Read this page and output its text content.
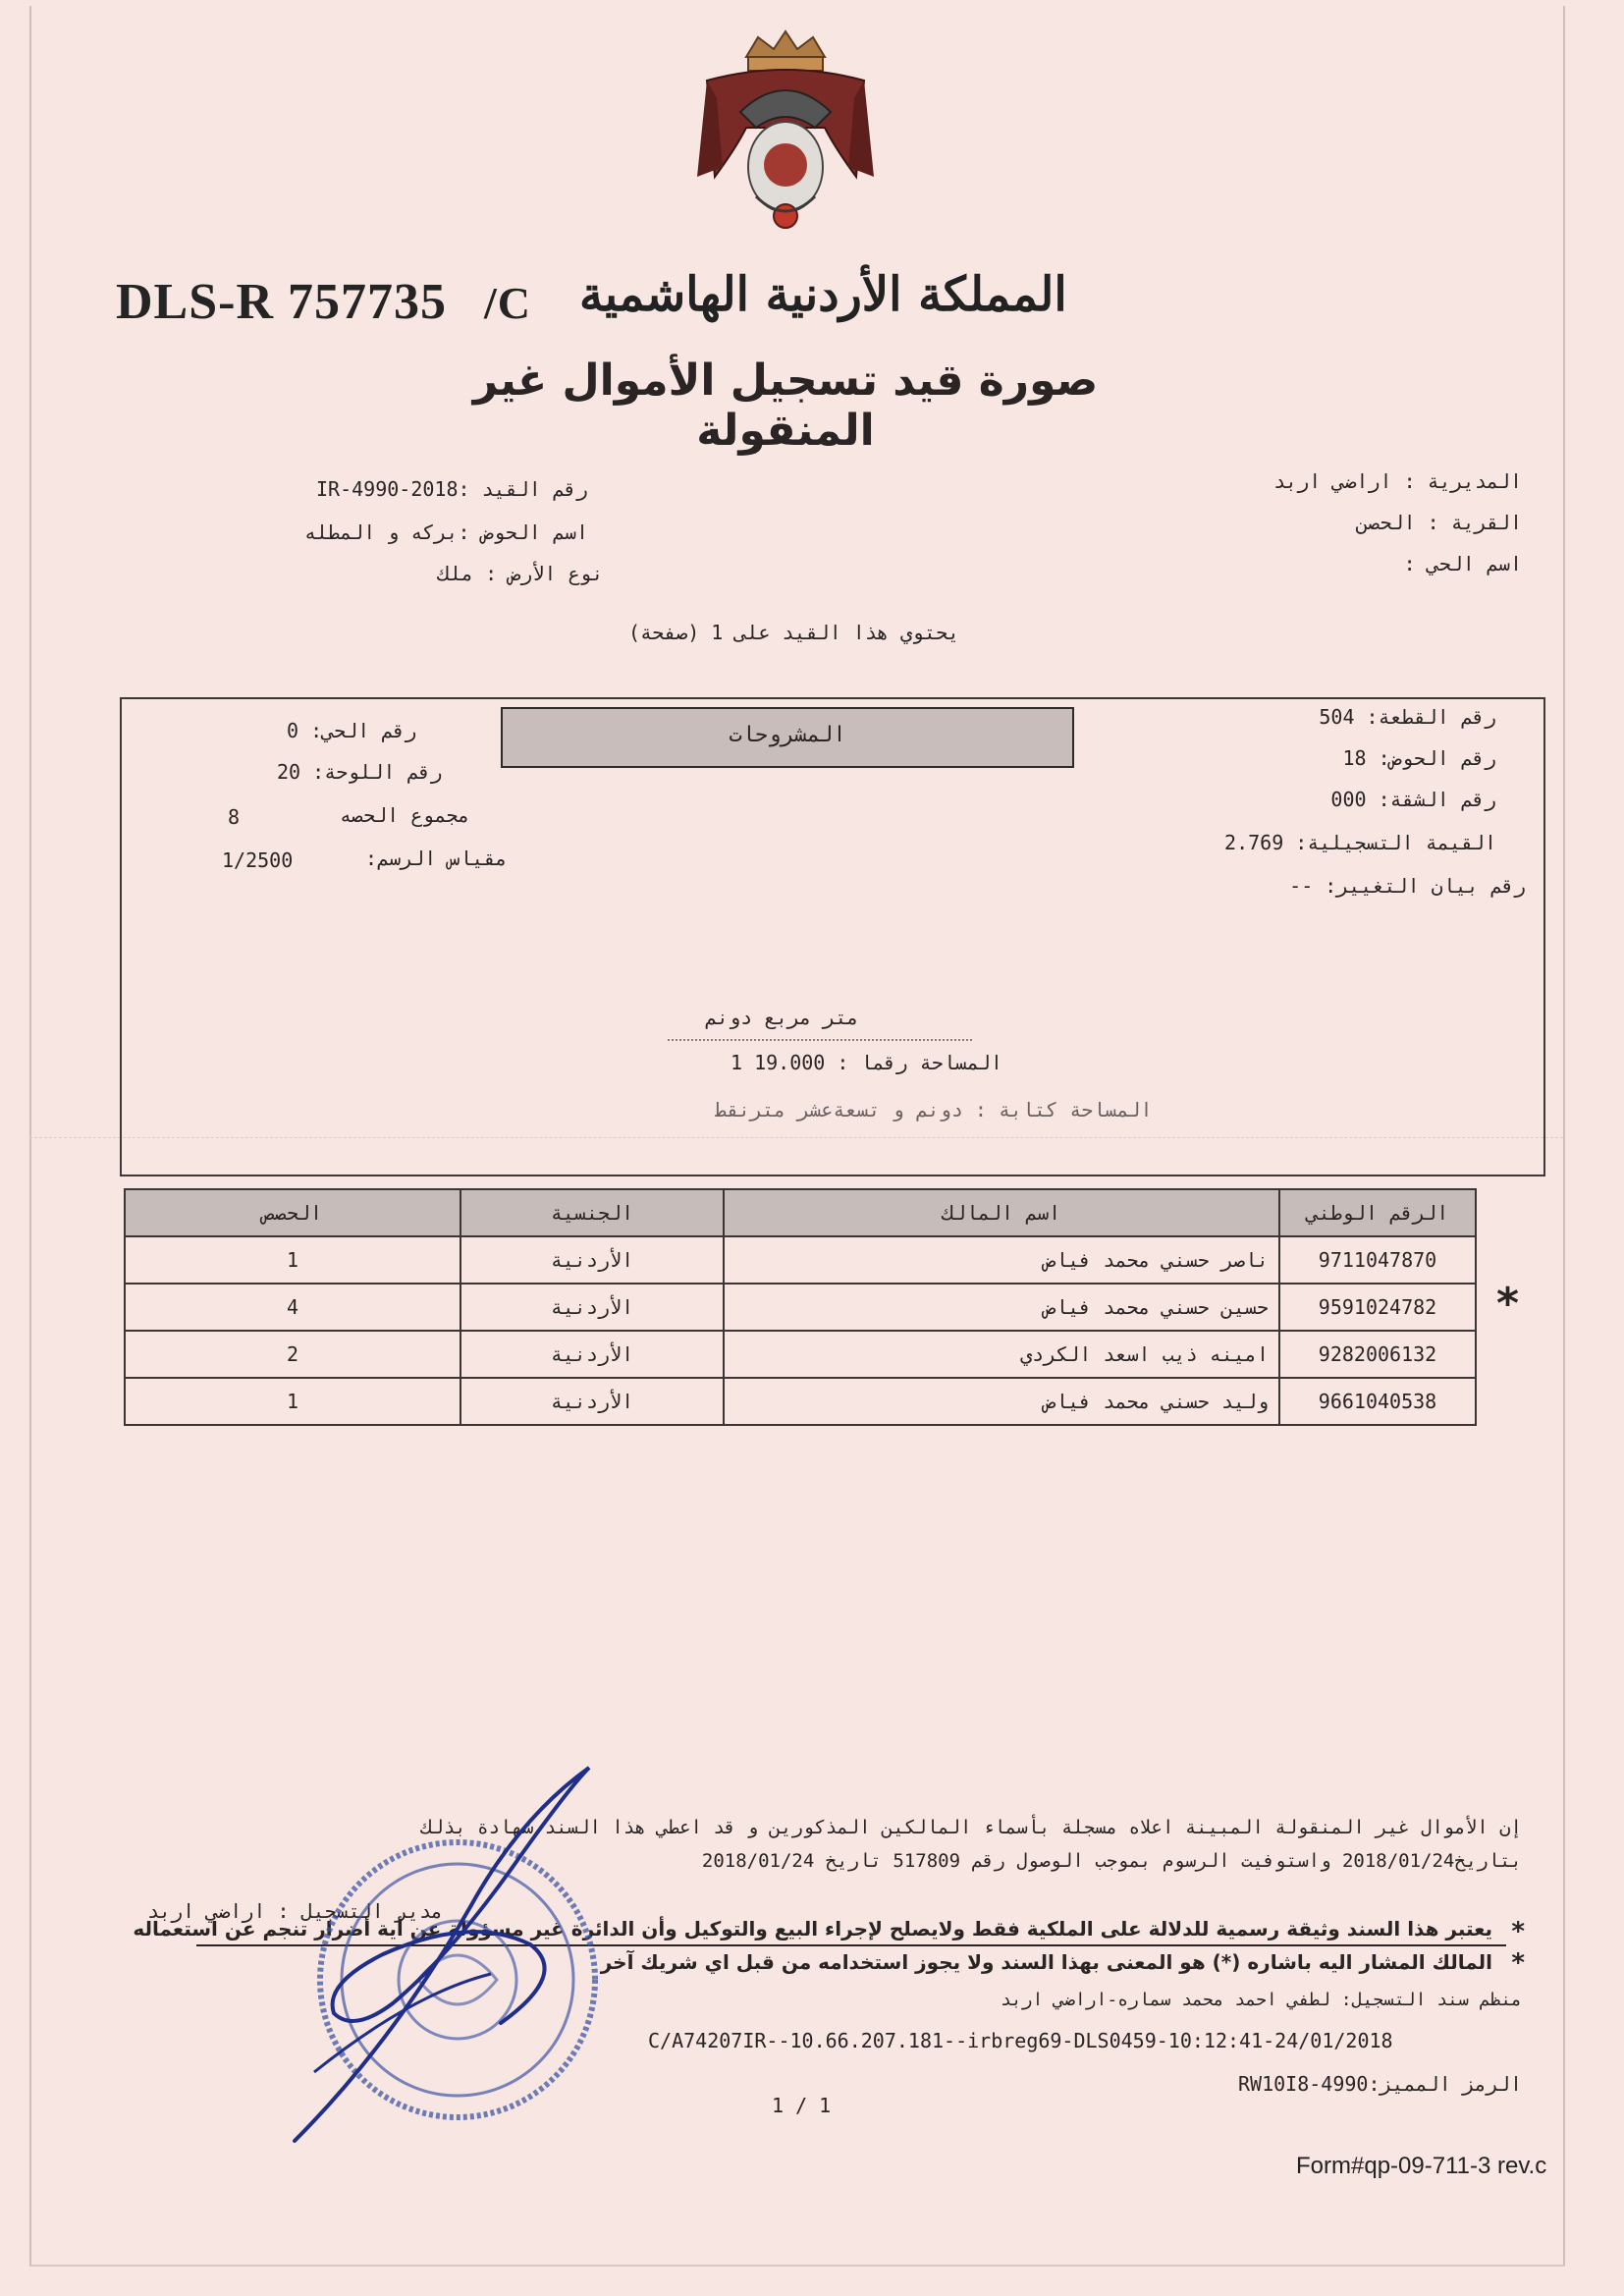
DLS-R 757735 /C المملكة الأردنية الهاشمية
صورة قيد تسجيل الأموال غير المنقولة
المديرية : اراضي اربد
القرية : الحصن
اسم الحي :
رقم القيد :2018-IR-4990
اسم الحوض :بركه و المطله
نوع الأرض : ملك
يحتوي هذا القيد على 1 (صفحة)
المشروحات
رقم القطعة: 504
رقم الحوض: 18
رقم الشقة: 000
القيمة التسجيلية: 2.769
رقم بيان التغيير: --
رقم الحي: 0
رقم اللوحة: 20
مجموع الحصه
8
مقياس الرسم:
1/2500
متر مربع دونم
المساحة رقما : 19.000 1
المساحة كتابة : دونم و تسعةعشر مترنقط
الرقم الوطني	اسم المالك	الجنسية	الحصص
9711047870	ناصر حسني محمد فياض	الأردنية	1
9591024782	حسين حسني محمد فياض	الأردنية	4
9282006132	امينه ذيب اسعد الكردي	الأردنية	2
9661040538	وليد حسني محمد فياض	الأردنية	1
*
إن الأموال غير المنقولة المبينة اعلاه مسجلة بأسماء المالكين المذكورين و قد اعطي هذا السند شهادة بذلك
بتاريخ2018/01/24 واستوفيت الرسوم بموجب الوصول رقم 517809 تاريخ 2018/01/24
مدير التسجيل : اراضي اربد
*
يعتبر هذا السند وثيقة رسمية للدلالة على الملكية فقط ولايصلح لإجراء البيع والتوكيل وأن الدائرة غير مسؤولة عن أية أضرار تنجم عن استعماله
*
المالك المشار اليه باشاره (*) هو المعنى بهذا السند ولا يجوز استخدامه من قبل اي شريك آخر
منظم سند التسجيل: لطفي احمد محمد سماره-اراضي اربد
C/A74207IR--10.66.207.181--irbreg69-DLS0459-10:12:41-24/01/2018
الرمز المميز:4990-RW10I8
1 / 1
Form#qp-09-711-3 rev.c
